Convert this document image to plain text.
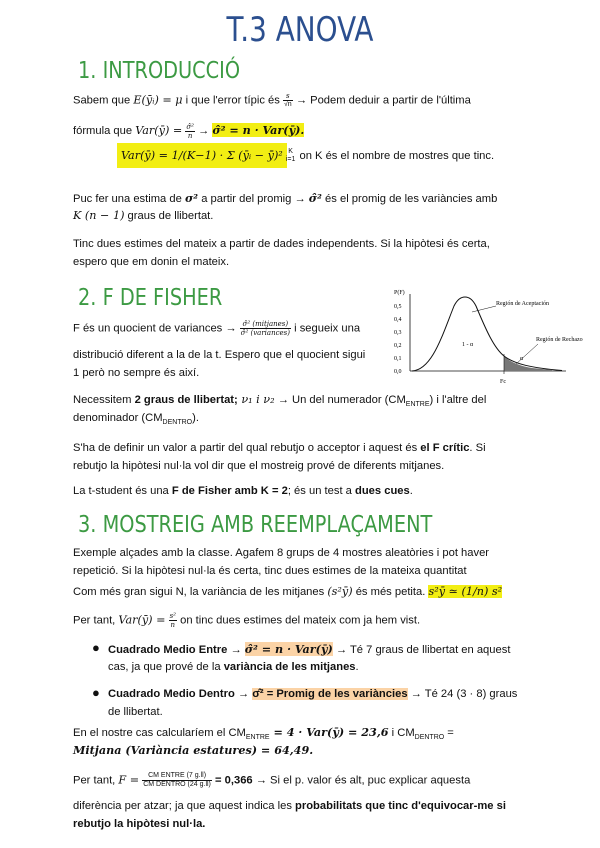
T.3 ANOVA
1. INTRODUCCIÓ
Sabem que E(ȳᵢ) = μ i que l'error típic és $\frac{s}{√n}$ → Podem deduir a partir de l'última
fórmula que Var(ȳ) = $\frac{\text{σ̂²}}{n}$ → σ̂² = n · Var(ȳ).
Var(ȳ) = 1/(K−1) · Σ (ȳᵢ − ȳ̄)² K
i=1 on K és el nombre de mostres que tinc.
Puc fer una estima de σ² a partir del promig → σ̂² és el promig de les variàncies amb
K (n − 1) graus de llibertat.
Tinc dues estimes del mateix a partir de dades independents. Si la hipòtesi és certa,
espero que em donin el mateix.
2. F DE FISHER
F és un quocient de variances → $\frac{\text{σ̂² (mitjanes)}}{\text{σ̂² (variances)}}$ i segueix una
distribució diferent a la de la t. Espero que el quocient sigui
1 però no sempre és així.
Necessitem 2 graus de llibertat; ν₁ i ν₂ → Un del numerador $(CM_{ENTRE})$ i l'altre del
denominador $(CM_{DENTRO})$.
S'ha de definir un valor a partir del qual rebutjo o acceptor i aquest és el F crític. Si
rebutjo la hipòtesi nul·la vol dir que el mostreig prové de diferents mitjanes.
La t-student és una F de Fisher amb K = 2; és un test a dues cues.
P(F)
0,5
0,4
0,3
0,2
0,1
0,0
Región de Aceptación
Región de Rechazo
1 - α
α
Fc
3. MOSTREIG AMB REEMPLAÇAMENT
Exemple alçades amb la classe. Agafem 8 grups de 4 mostres aleatòries i pot haver
repetició. Si la hipòtesi nul·la és certa, tinc dues estimes de la mateixa quantitat
Com més gran sigui N, la variància de les mitjanes (s²ȳ) és més petita. s²ȳ ≃ (1/n) s²
Per tant, Var(ȳ) = $\frac{\text{s²}}{n}$ on tinc dues estimes del mateix com ja hem vist.
● Cuadrado Medio Entre → σ̂² = n · Var(ȳ) → Té 7 graus de llibertat en aquest
cas, ja que prové de la variància de les mitjanes.
● Cuadrado Medio Dentro → σ̂² = Promig de les variàncies → Té 24 (3 · 8) graus
de llibertat.
En el nostre cas calcularíem el $CM_{ENTRE} = 4$ · Var(ȳ) = 23,6 i $CM_{DENTRO}$ =
Mitjana (Variància estatures) = 64,49.
Per tant, $F = \frac{\text{CM ENTRE (7 g.ll)}}{\text{CM DENTRO (24 g.ll)}} = 0,366 \to Si$ el p. valor és alt, puc explicar aquesta
diferència per atzar; ja que aquest indica les probabilitats que tinc d'equivocar-me si
rebutjo la hipòtesi nul·la.
